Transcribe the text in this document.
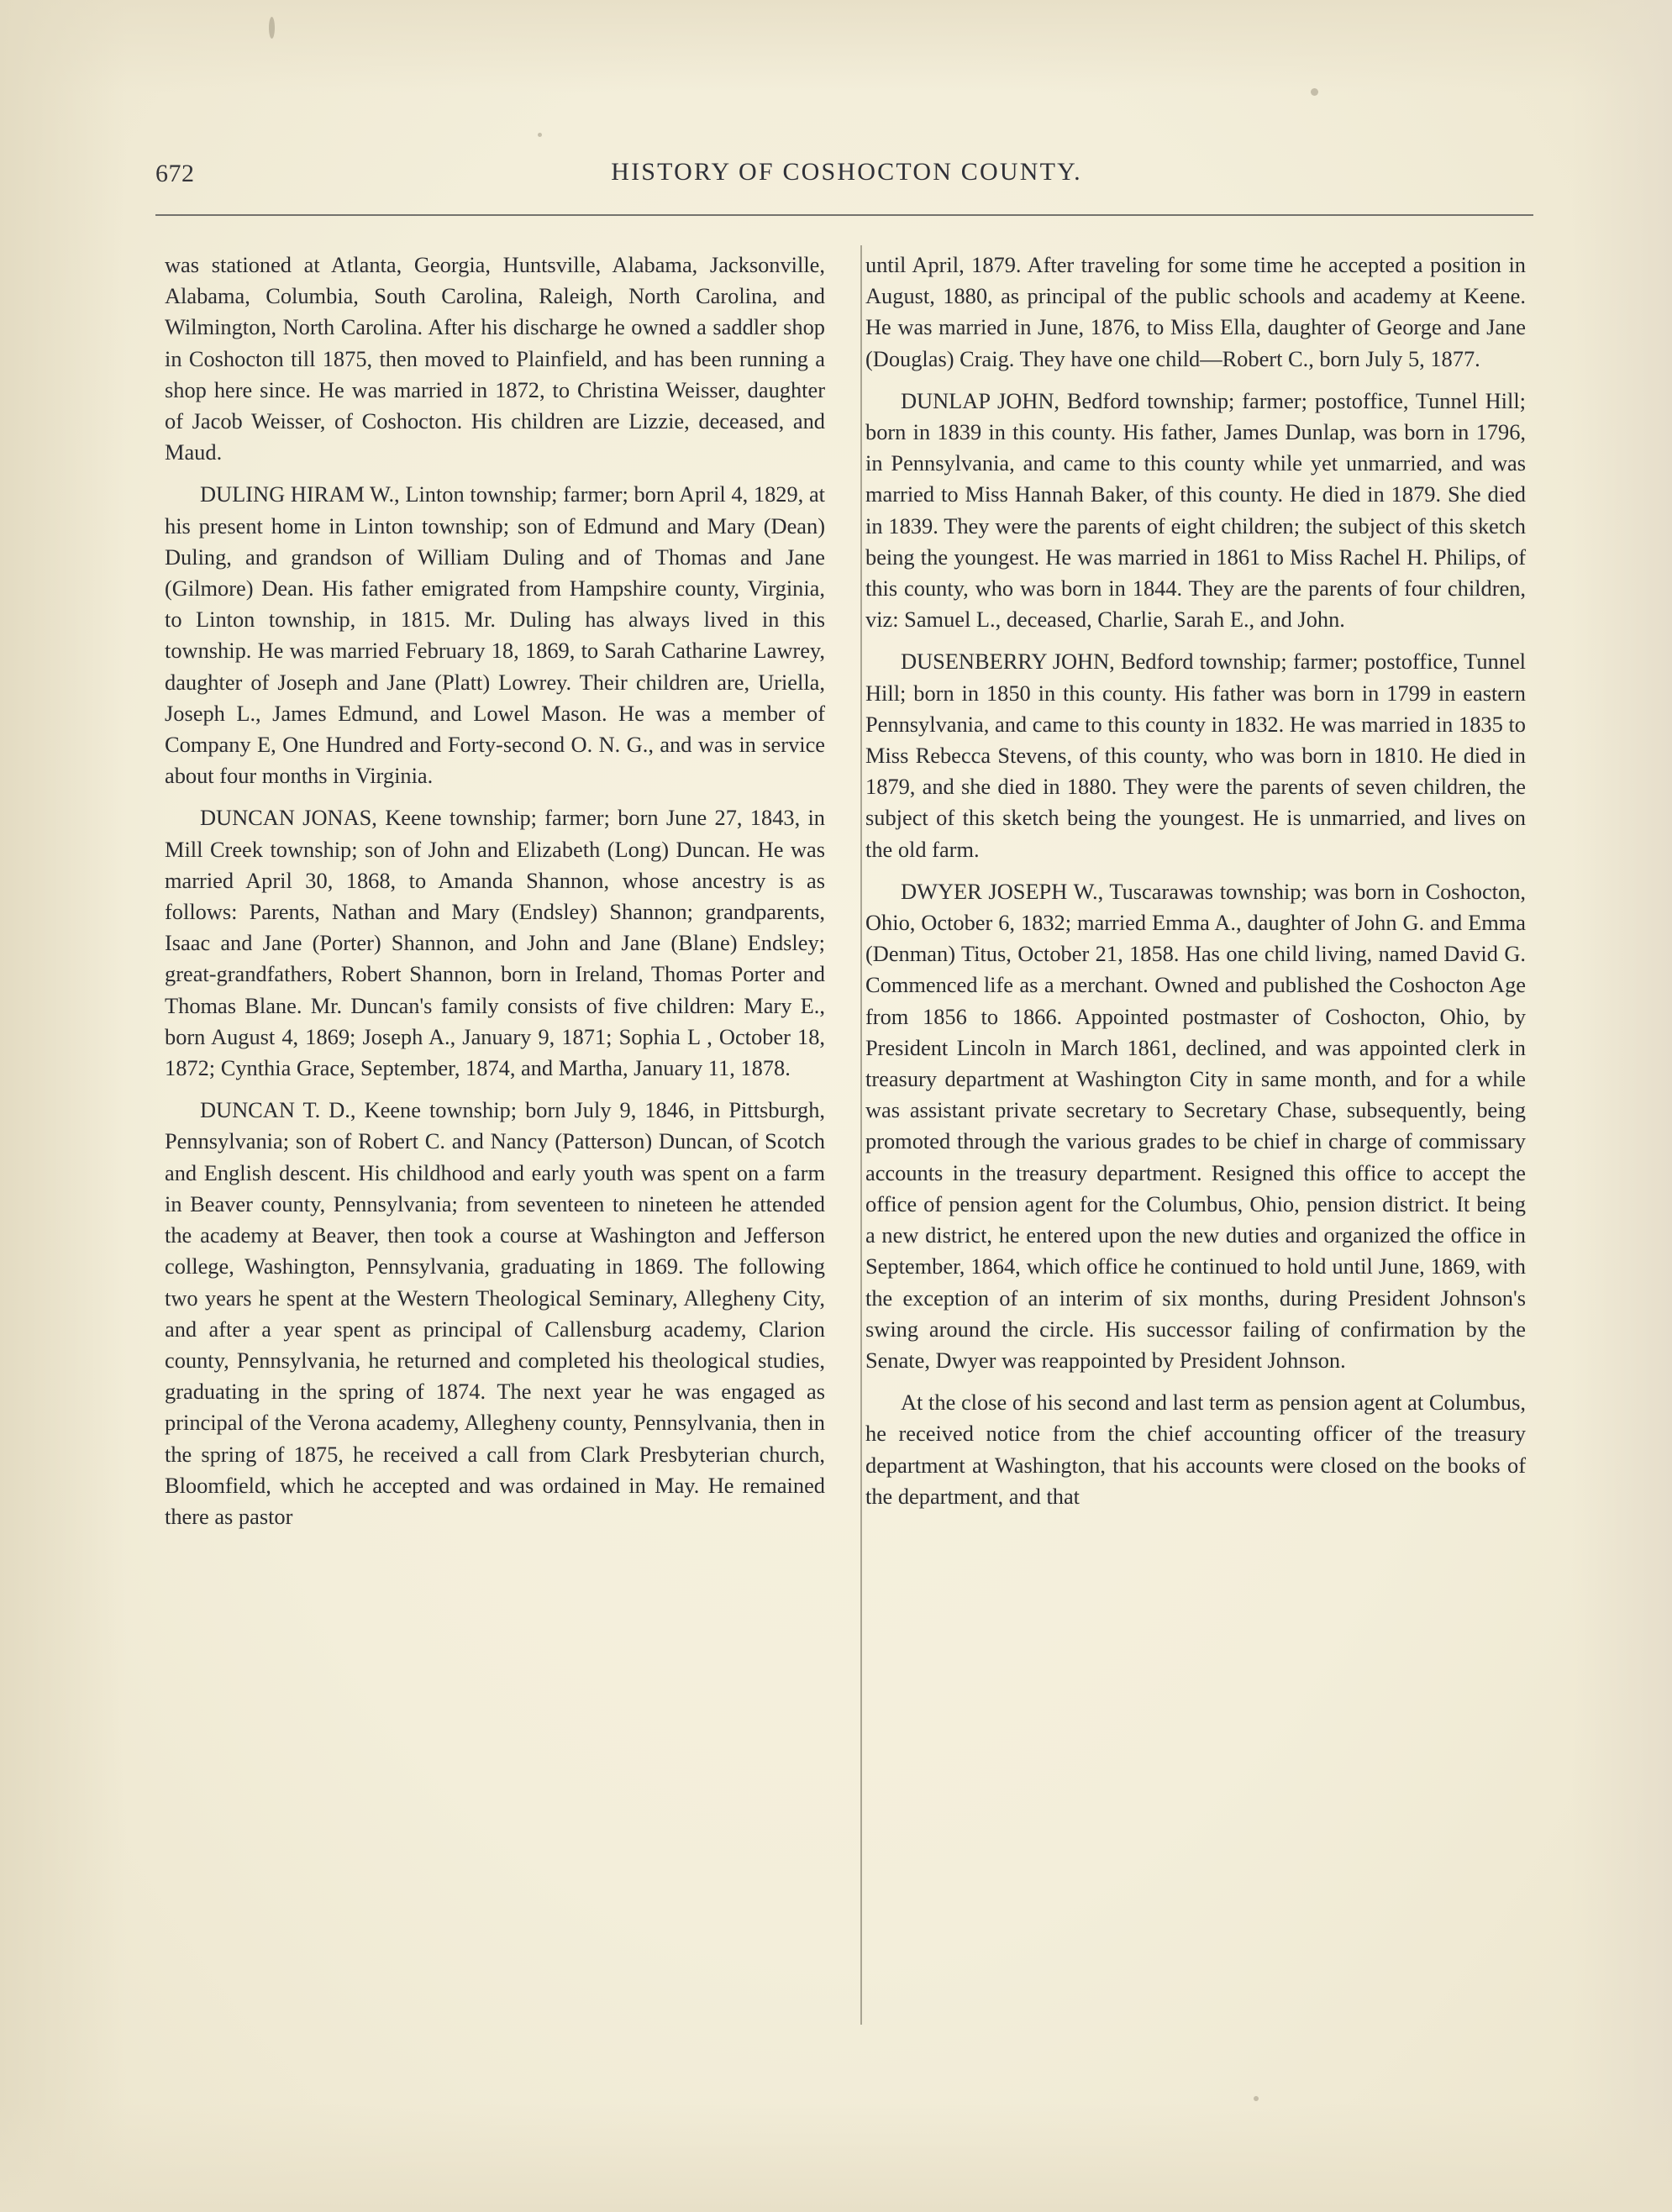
672	HISTORY OF COSHOCTON COUNTY.

was stationed at Atlanta, Georgia, Huntsville, Alabama, Jacksonville, Alabama, Columbia, South Carolina, Raleigh, North Carolina, and Wilmington, North Carolina. After his discharge he owned a saddler shop in Coshocton till 1875, then moved to Plainfield, and has been running a shop here since. He was married in 1872, to Christina Weisser, daughter of Jacob Weisser, of Coshocton. His children are Lizzie, deceased, and Maud.

DULING HIRAM W., Linton township; farmer; born April 4, 1829, at his present home in Linton township; son of Edmund and Mary (Dean) Duling, and grandson of William Duling and of Thomas and Jane (Gilmore) Dean. His father emigrated from Hampshire county, Virginia, to Linton township, in 1815. Mr. Duling has always lived in this township. He was married February 18, 1869, to Sarah Catharine Lawrey, daughter of Joseph and Jane (Platt) Lowrey. Their children are, Uriella, Joseph L., James Edmund, and Lowel Mason. He was a member of Company E, One Hundred and Forty-second O. N. G., and was in service about four months in Virginia.

DUNCAN JONAS, Keene township; farmer; born June 27, 1843, in Mill Creek township; son of John and Elizabeth (Long) Duncan. He was married April 30, 1868, to Amanda Shannon, whose ancestry is as follows: Parents, Nathan and Mary (Endsley) Shannon; grandparents, Isaac and Jane (Porter) Shannon, and John and Jane (Blane) Endsley; great-grandfathers, Robert Shannon, born in Ireland, Thomas Porter and Thomas Blane. Mr. Duncan's family consists of five children: Mary E., born August 4, 1869; Joseph A., January 9, 1871; Sophia L , October 18, 1872; Cynthia Grace, September, 1874, and Martha, January 11, 1878.

DUNCAN T. D., Keene township; born July 9, 1846, in Pittsburgh, Pennsylvania; son of Robert C. and Nancy (Patterson) Duncan, of Scotch and English descent. His childhood and early youth was spent on a farm in Beaver county, Pennsylvania; from seventeen to nineteen he attended the academy at Beaver, then took a course at Washington and Jefferson college, Washington, Pennsylvania, graduating in 1869. The following two years he spent at the Western Theological Seminary, Allegheny City, and after a year spent as principal of Callensburg academy, Clarion county, Pennsylvania, he returned and completed his theological studies, graduating in the spring of 1874. The next year he was engaged as principal of the Verona academy, Allegheny county, Pennsylvania, then in the spring of 1875, he received a call from Clark Presbyterian church, Bloomfield, which he accepted and was ordained in May. He remained there as pastor

until April, 1879. After traveling for some time he accepted a position in August, 1880, as principal of the public schools and academy at Keene. He was married in June, 1876, to Miss Ella, daughter of George and Jane (Douglas) Craig. They have one child—Robert C., born July 5, 1877.

DUNLAP JOHN, Bedford township; farmer; postoffice, Tunnel Hill; born in 1839 in this county. His father, James Dunlap, was born in 1796, in Pennsylvania, and came to this county while yet unmarried, and was married to Miss Hannah Baker, of this county. He died in 1879. She died in 1839. They were the parents of eight children; the subject of this sketch being the youngest. He was married in 1861 to Miss Rachel H. Philips, of this county, who was born in 1844. They are the parents of four children, viz: Samuel L., deceased, Charlie, Sarah E., and John.

DUSENBERRY JOHN, Bedford township; farmer; postoffice, Tunnel Hill; born in 1850 in this county. His father was born in 1799 in eastern Pennsylvania, and came to this county in 1832. He was married in 1835 to Miss Rebecca Stevens, of this county, who was born in 1810. He died in 1879, and she died in 1880. They were the parents of seven children, the subject of this sketch being the youngest. He is unmarried, and lives on the old farm.

DWYER JOSEPH W., Tuscarawas township; was born in Coshocton, Ohio, October 6, 1832; married Emma A., daughter of John G. and Emma (Denman) Titus, October 21, 1858. Has one child living, named David G. Commenced life as a merchant. Owned and published the Coshocton Age from 1856 to 1866. Appointed postmaster of Coshocton, Ohio, by President Lincoln in March 1861, declined, and was appointed clerk in treasury department at Washington City in same month, and for a while was assistant private secretary to Secretary Chase, subsequently, being promoted through the various grades to be chief in charge of commissary accounts in the treasury department. Resigned this office to accept the office of pension agent for the Columbus, Ohio, pension district. It being a new district, he entered upon the new duties and organized the office in September, 1864, which office he continued to hold until June, 1869, with the exception of an interim of six months, during President Johnson's swing around the circle. His successor failing of confirmation by the Senate, Dwyer was reappointed by President Johnson.

At the close of his second and last term as pension agent at Columbus, he received notice from the chief accounting officer of the treasury department at Washington, that his accounts were closed on the books of the department, and that
